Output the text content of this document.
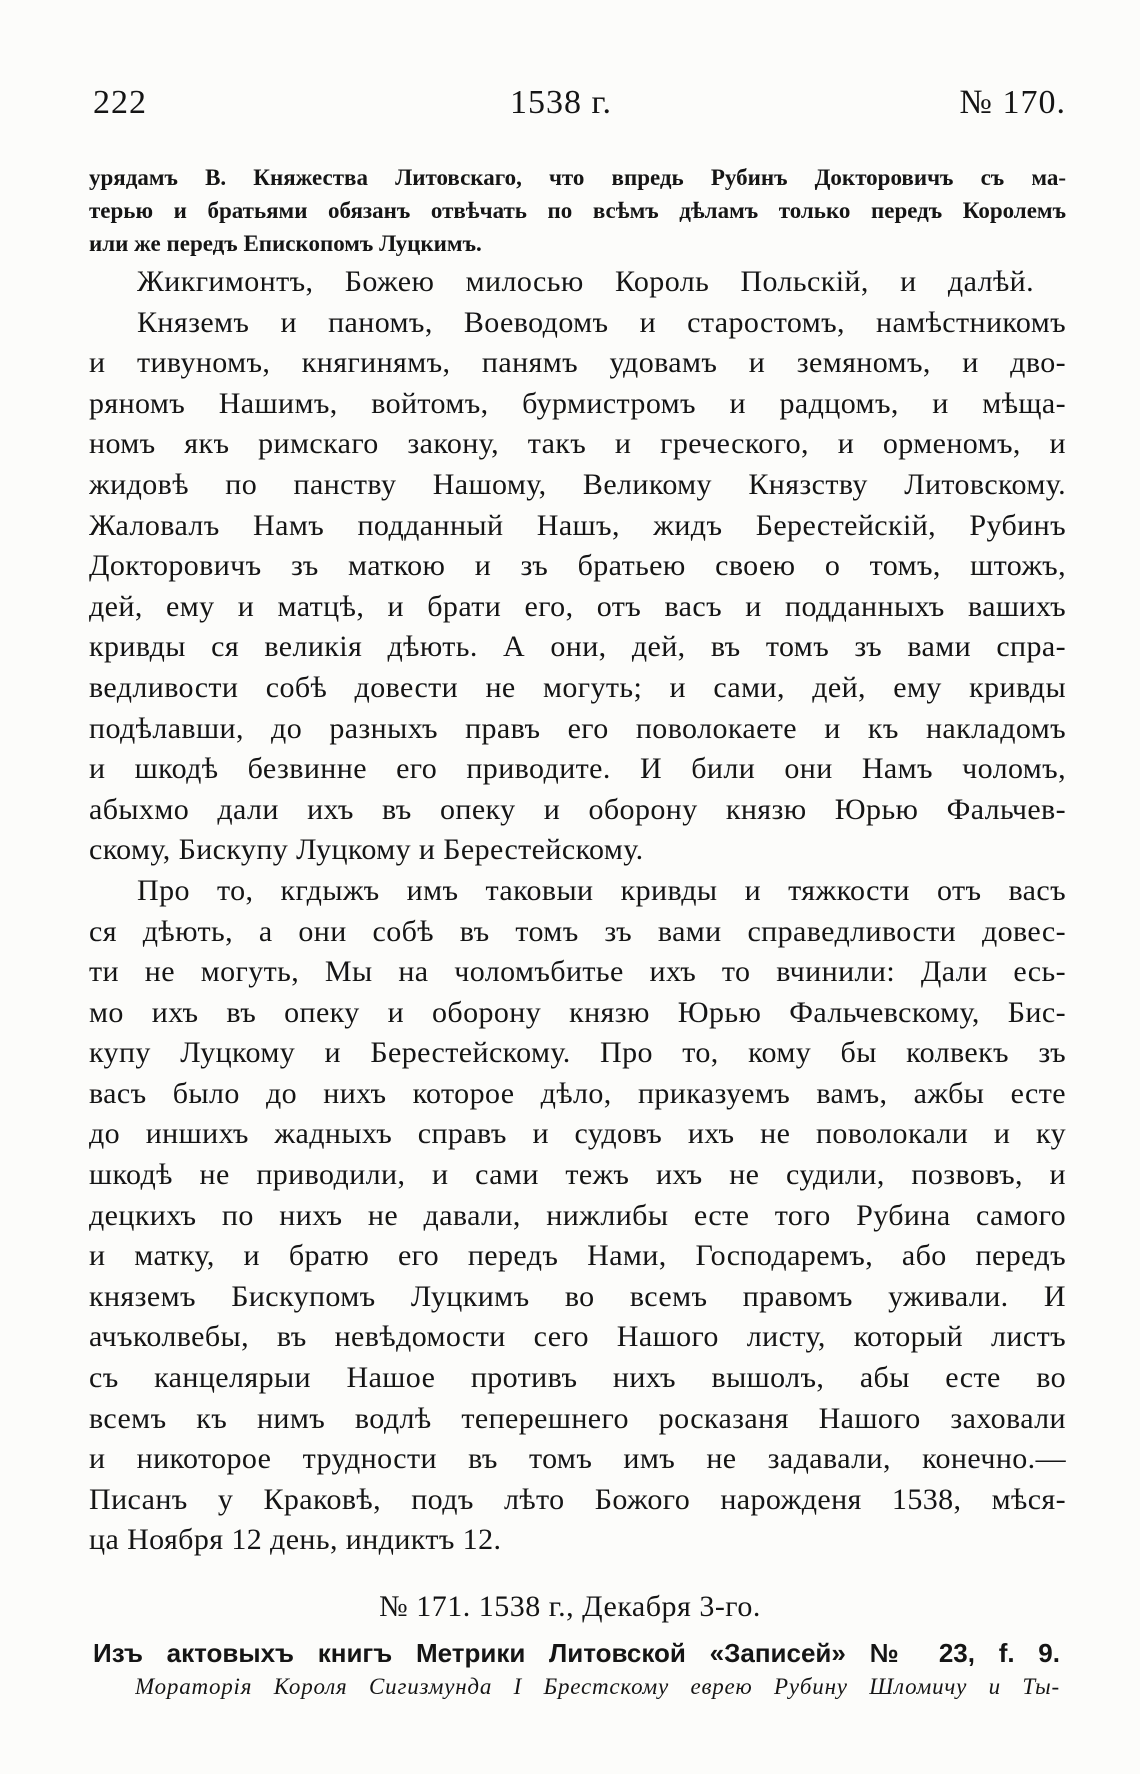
222	1538 г.	№ 170.
урядамъ В. Княжества Литовскаго, что впредь Рубинъ Докторовичъ съ ма-
терью и братьями обязанъ отвѣчать по всѣмъ дѣламъ только передъ Королемъ
или же передъ Епископомъ Луцкимъ.
Жикгимонтъ, Божею милосью Король Польскій, и далѣй.
Княземъ и паномъ, Воеводомъ и старостомъ, намѣстникомъ
и тивуномъ, княгинямъ, панямъ удовамъ и земяномъ, и дво-
ряномъ Нашимъ, войтомъ, бурмистромъ и радцомъ, и мѣща-
номъ якъ римскаго закону, такъ и греческого, и орменомъ, и
жидовѣ по панству Нашому, Великому Князству Литовскому.
Жаловалъ Намъ подданный Нашъ, жидъ Берестейскій, Рубинъ
Докторовичъ зъ маткою и зъ братьею своею о томъ, штожъ,
дей, ему и матцѣ, и брати его, отъ васъ и подданныхъ вашихъ
кривды ся великія дѣють. А они, дей, въ томъ зъ вами спра-
ведливости собѣ довести не могуть; и сами, дей, ему кривды
подѣлавши, до разныхъ правъ его поволокаете и къ накладомъ
и шкодѣ безвинне его приводите. И били они Намъ чоломъ,
абыхмо дали ихъ въ опеку и оборону князю Юрью Фальчев-
скому, Бискупу Луцкому и Берестейскому.
Про то, кгдыжъ имъ таковыи кривды и тяжкости отъ васъ
ся дѣють, а они собѣ въ томъ зъ вами справедливости довес-
ти не могуть, Мы на чоломъбитье ихъ то вчинили: Дали есь-
мо ихъ въ опеку и оборону князю Юрью Фальчевскому, Бис-
купу Луцкому и Берестейскому. Про то, кому бы колвекъ зъ
васъ было до нихъ которое дѣло, приказуемъ вамъ, ажбы есте
до иншихъ жадныхъ справъ и судовъ ихъ не поволокали и ку
шкодѣ не приводили, и сами тежъ ихъ не судили, позвовъ, и
децкихъ по нихъ не давали, нижлибы есте того Рубина самого
и матку, и братю его передъ Нами, Господаремъ, або передъ
княземъ Бискупомъ Луцкимъ во всемъ правомъ уживали. И
ачъколвебы, въ невѣдомости сего Нашого листу, который листъ
съ канцелярыи Нашое противъ нихъ вышолъ, абы есте во
всемъ къ нимъ водлѣ теперешнего росказаня Нашого заховали
и никоторое трудности въ томъ имъ не задавали, конечно.—
Писанъ у Краковѣ, подъ лѣто Божого нарожденя 1538, мѣся-
ца Ноября 12 день, индиктъ 12.
№ 171. 1538 г., Декабря 3-го.
Изъ актовыхъ книгъ Метрики Литовской «Записей» № 23, f. 9.
Мораторія Короля Сигизмунда I Брестскому еврею Рубину Шломичу и Ты-
